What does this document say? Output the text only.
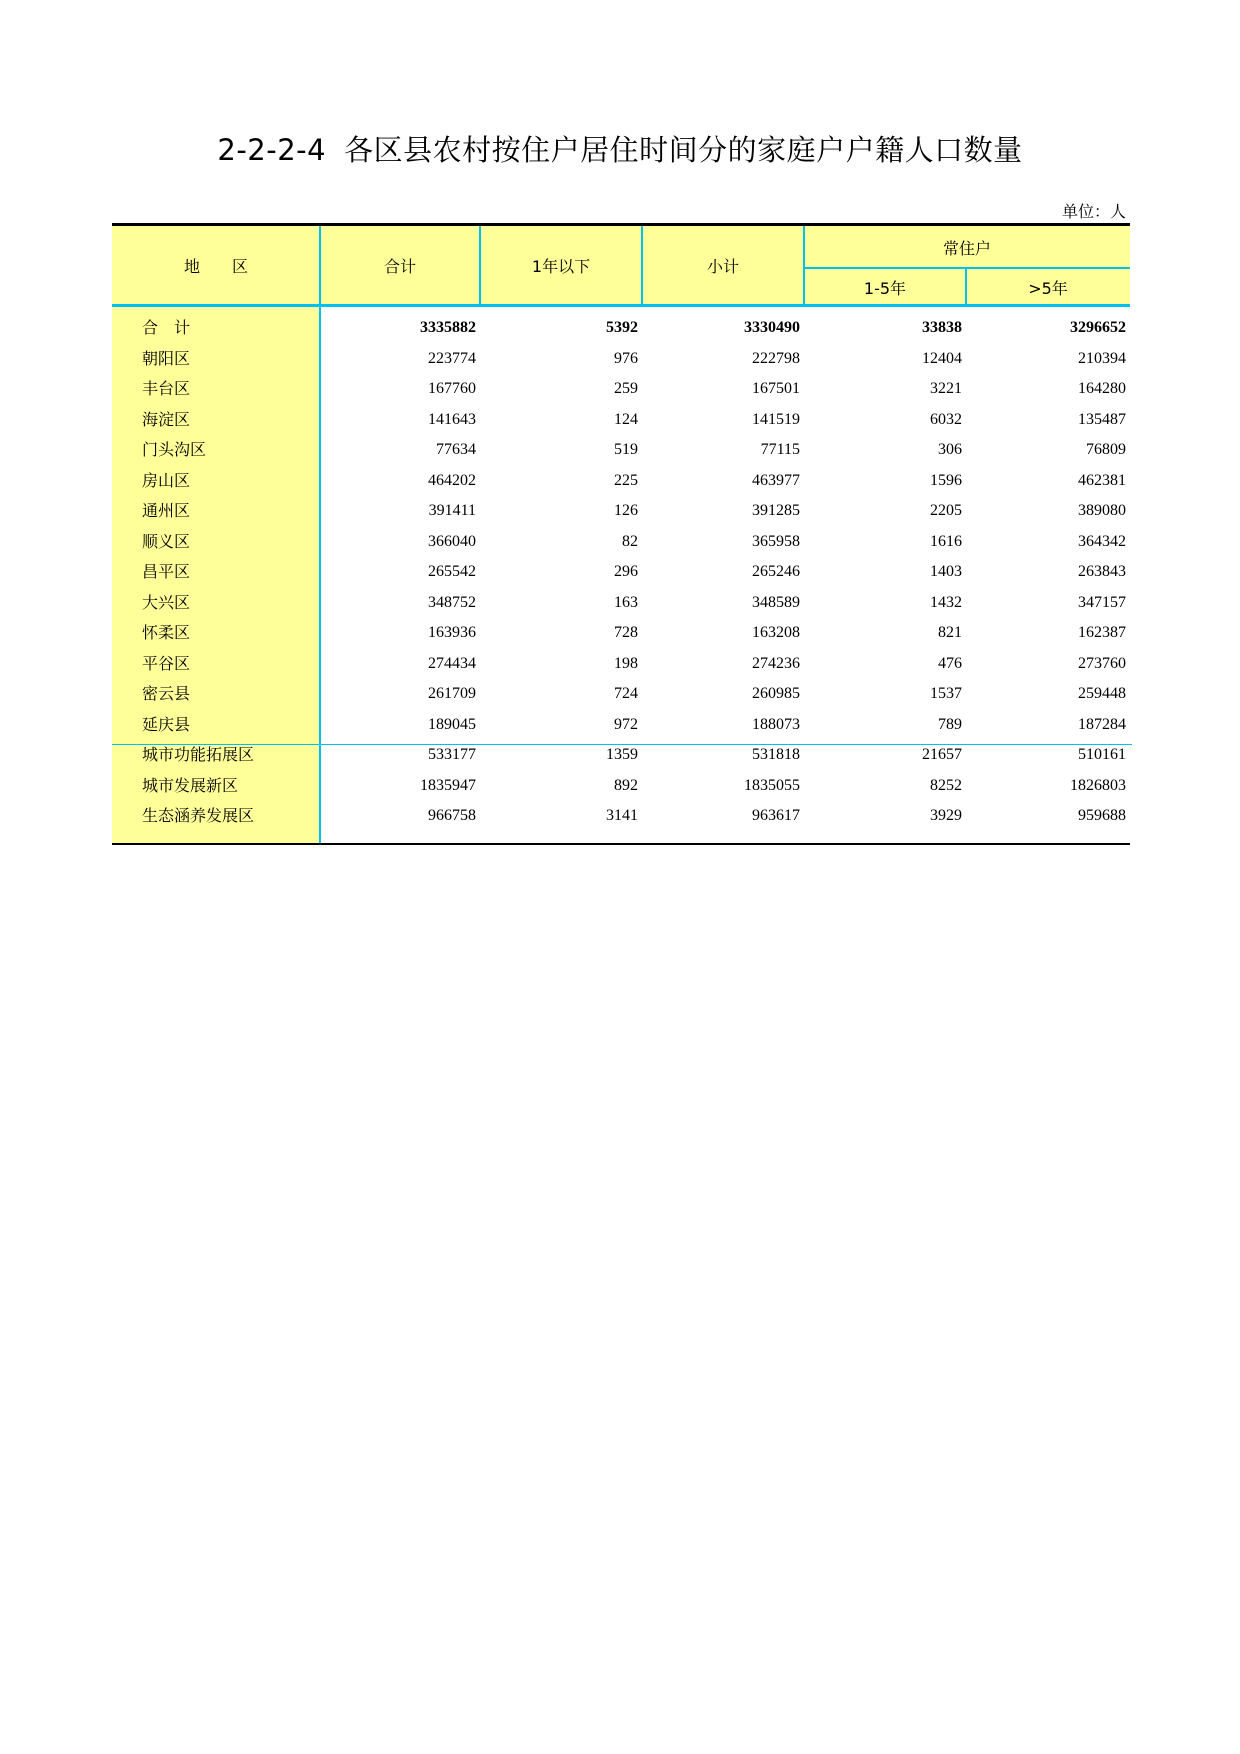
2-2-2-4 各区县农村按住户居住时间分的家庭户户籍人口数量
单位：人
地　　区	合计	1年以下	小计
常住户
1-5年	>5年
合　计	3335882	5392	3330490	33838	3296652
朝阳区	223774	976	222798	12404	210394
丰台区	167760	259	167501	3221	164280
海淀区	141643	124	141519	6032	135487
门头沟区	77634	519	77115	306	76809
房山区	464202	225	463977	1596	462381
通州区	391411	126	391285	2205	389080
顺义区	366040	82	365958	1616	364342
昌平区	265542	296	265246	1403	263843
大兴区	348752	163	348589	1432	347157
怀柔区	163936	728	163208	821	162387
平谷区	274434	198	274236	476	273760
密云县	261709	724	260985	1537	259448
延庆县	189045	972	188073	789	187284
城市功能拓展区	533177	1359	531818	21657	510161
城市发展新区	1835947	892	1835055	8252	1826803
生态涵养发展区	966758	3141	963617	3929	959688
